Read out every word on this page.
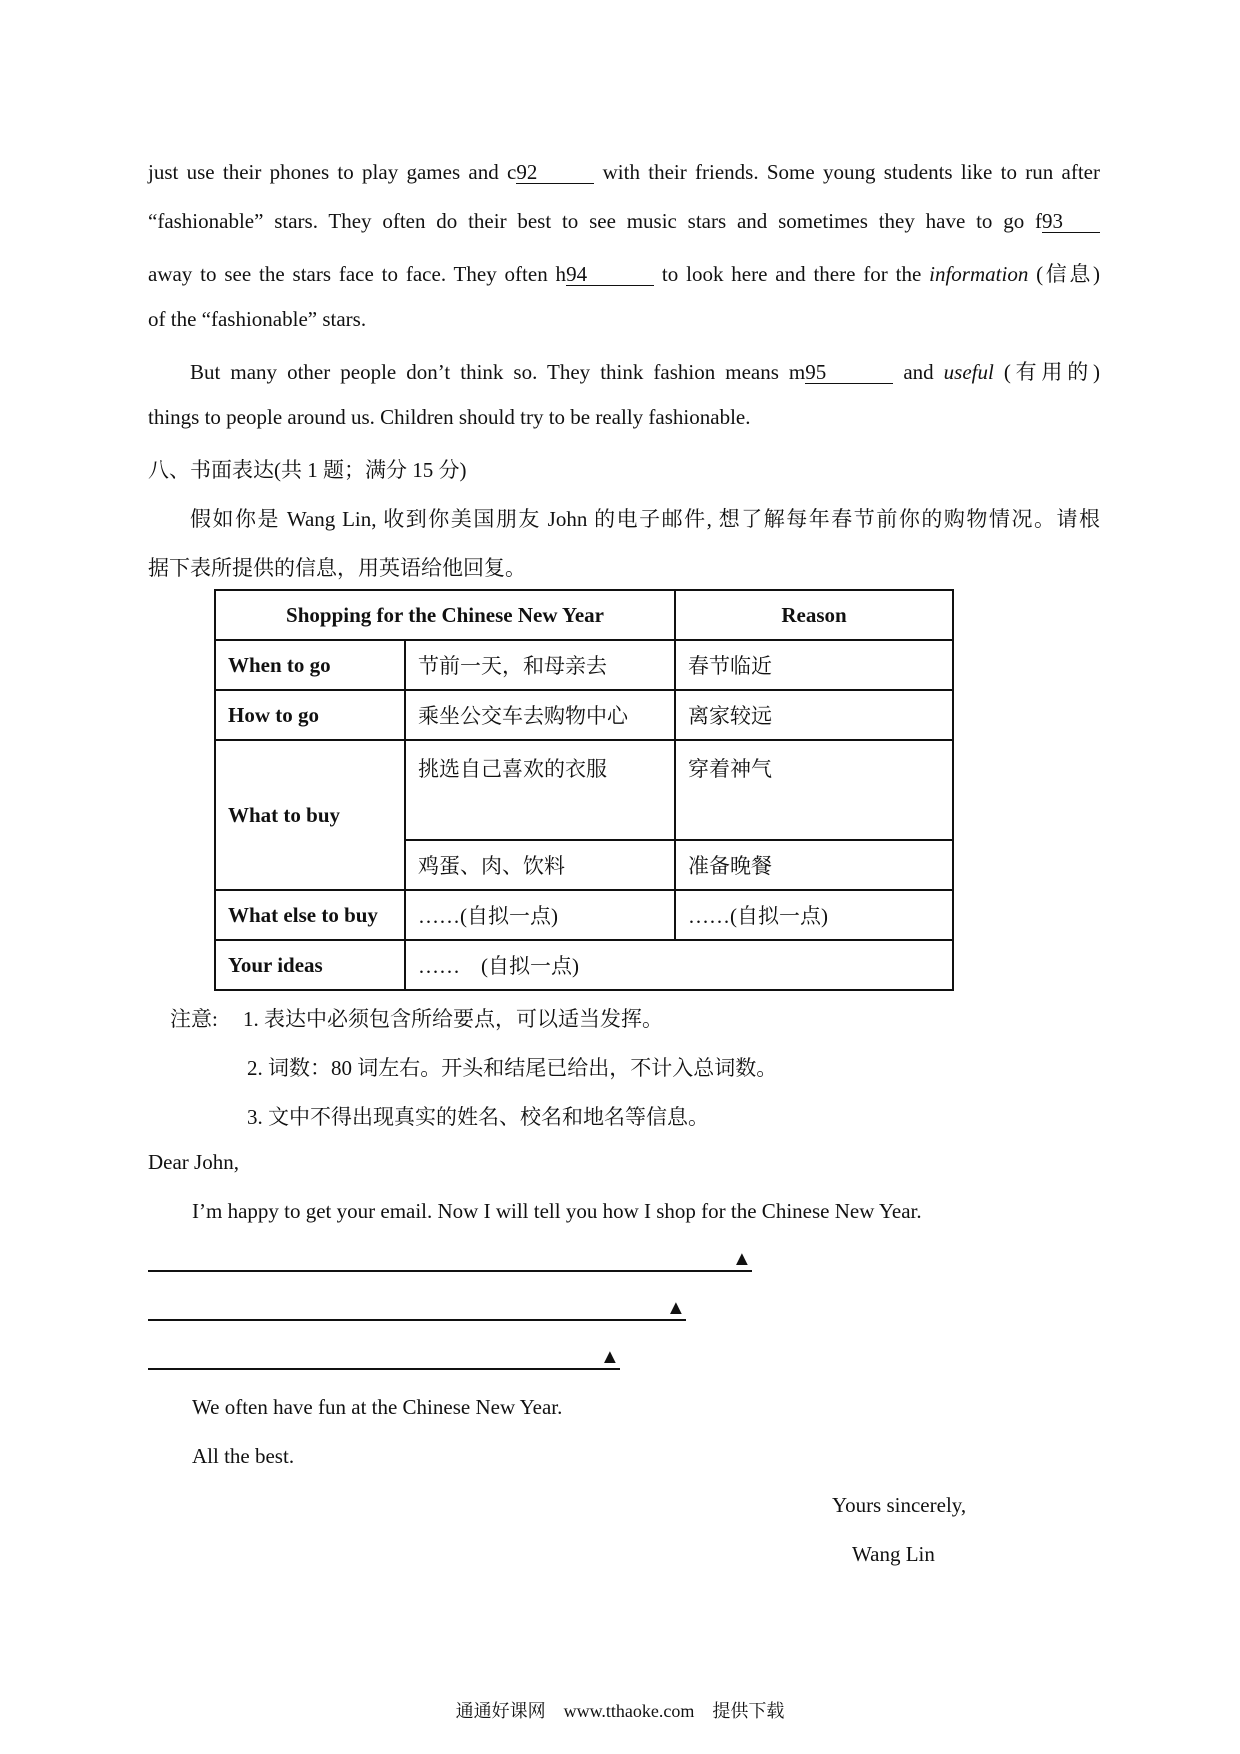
just use their phones to play games and c92	with their friends. Some young students like to run after
“fashionable” stars. They often do their best to see music stars and sometimes they have to go f93
away to see the stars face to face. They often h94	to look here and there for the information (信息)
of the “fashionable” stars.
But many other people don’t think so. They think fashion means m95	and useful (有用的)
things to people around us. Children should try to be really fashionable.
八、书面表达(共 1 题；满分 15 分)
假如你是 Wang Lin, 收到你美国朋友 John 的电子邮件, 想了解每年春节前你的购物情况。请根
据下表所提供的信息，用英语给他回复。
Shopping for the Chinese New Year		Reason
When to go	节前一天，和母亲去	春节临近
How to go	乘坐公交车去购物中心	离家较远
What to buy	挑选自己喜欢的衣服	穿着神气
	鸡蛋、肉、饮料	准备晚餐
What else to buy	……(自拟一点)	……(自拟一点)
Your ideas	……　(自拟一点)	
注意: 1. 表达中必须包含所给要点，可以适当发挥。
2. 词数：80 词左右。开头和结尾已给出，不计入总词数。
3. 文中不得出现真实的姓名、校名和地名等信息。
Dear John,
I’m happy to get your email. Now I will tell you how I shop for the Chinese New Year.
▲
▲
▲
We often have fun at the Chinese New Year.
All the best.
Yours sincerely,
Wang Lin
通通好课网　www.tthaoke.com　提供下载
